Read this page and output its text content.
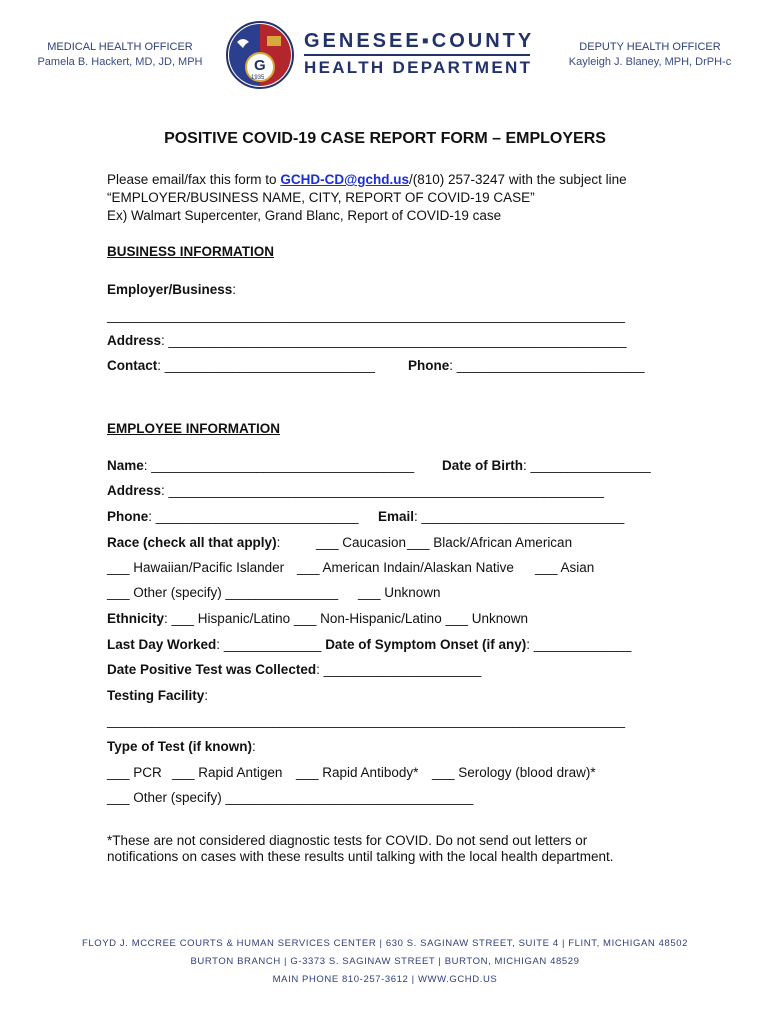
MEDICAL HEALTH OFFICER
Pamela B. Hackert, MD, JD, MPH	G
1935
GENESEE▪COUNTY
HEALTH DEPARTMENT
DEPUTY HEALTH OFFICER
Kayleigh J. Blaney, MPH, DrPH-c
POSITIVE COVID-19 CASE REPORT FORM – EMPLOYERS
Please email/fax this form to GCHD-CD@gchd.us/(810) 257-3247 with the subject line
“EMPLOYER/BUSINESS NAME, CITY, REPORT OF COVID-19 CASE”
Ex) Walmart Supercenter, Grand Blanc, Report of COVID-19 case
BUSINESS INFORMATION
Employer/Business:
_____________________________________________________________________
Address: _____________________________________________________________
Contact: ____________________________ Phone: _________________________
EMPLOYEE INFORMATION
Name: ___________________________________ Date of Birth: ________________
Address: __________________________________________________________
Phone: ___________________________ Email: ___________________________
Race (check all that apply):	___ Caucasion ___ Black/African American
___ Hawaiian/Pacific Islander ___ American Indain/Alaskan Native ___ Asian
___ Other (specify) _______________ ___ Unknown
Ethnicity: ___ Hispanic/Latino ___ Non-Hispanic/Latino ___ Unknown
Last Day Worked: _____________ Date of Symptom Onset (if any): _____________
Date Positive Test was Collected: _____________________
Testing Facility:
_____________________________________________________________________
Type of Test (if known):
___ PCR ___ Rapid Antigen ___ Rapid Antibody* ___ Serology (blood draw)*
___ Other (specify) _________________________________
*These are not considered diagnostic tests for COVID. Do not send out letters or
notifications on cases with these results until talking with the local health department.
FLOYD J. MCCREE COURTS & HUMAN SERVICES CENTER | 630 S. SAGINAW STREET, SUITE 4 | FLINT, MICHIGAN 48502
BURTON BRANCH | G-3373 S. SAGINAW STREET | BURTON, MICHIGAN 48529
MAIN PHONE 810-257-3612 | WWW.GCHD.US
